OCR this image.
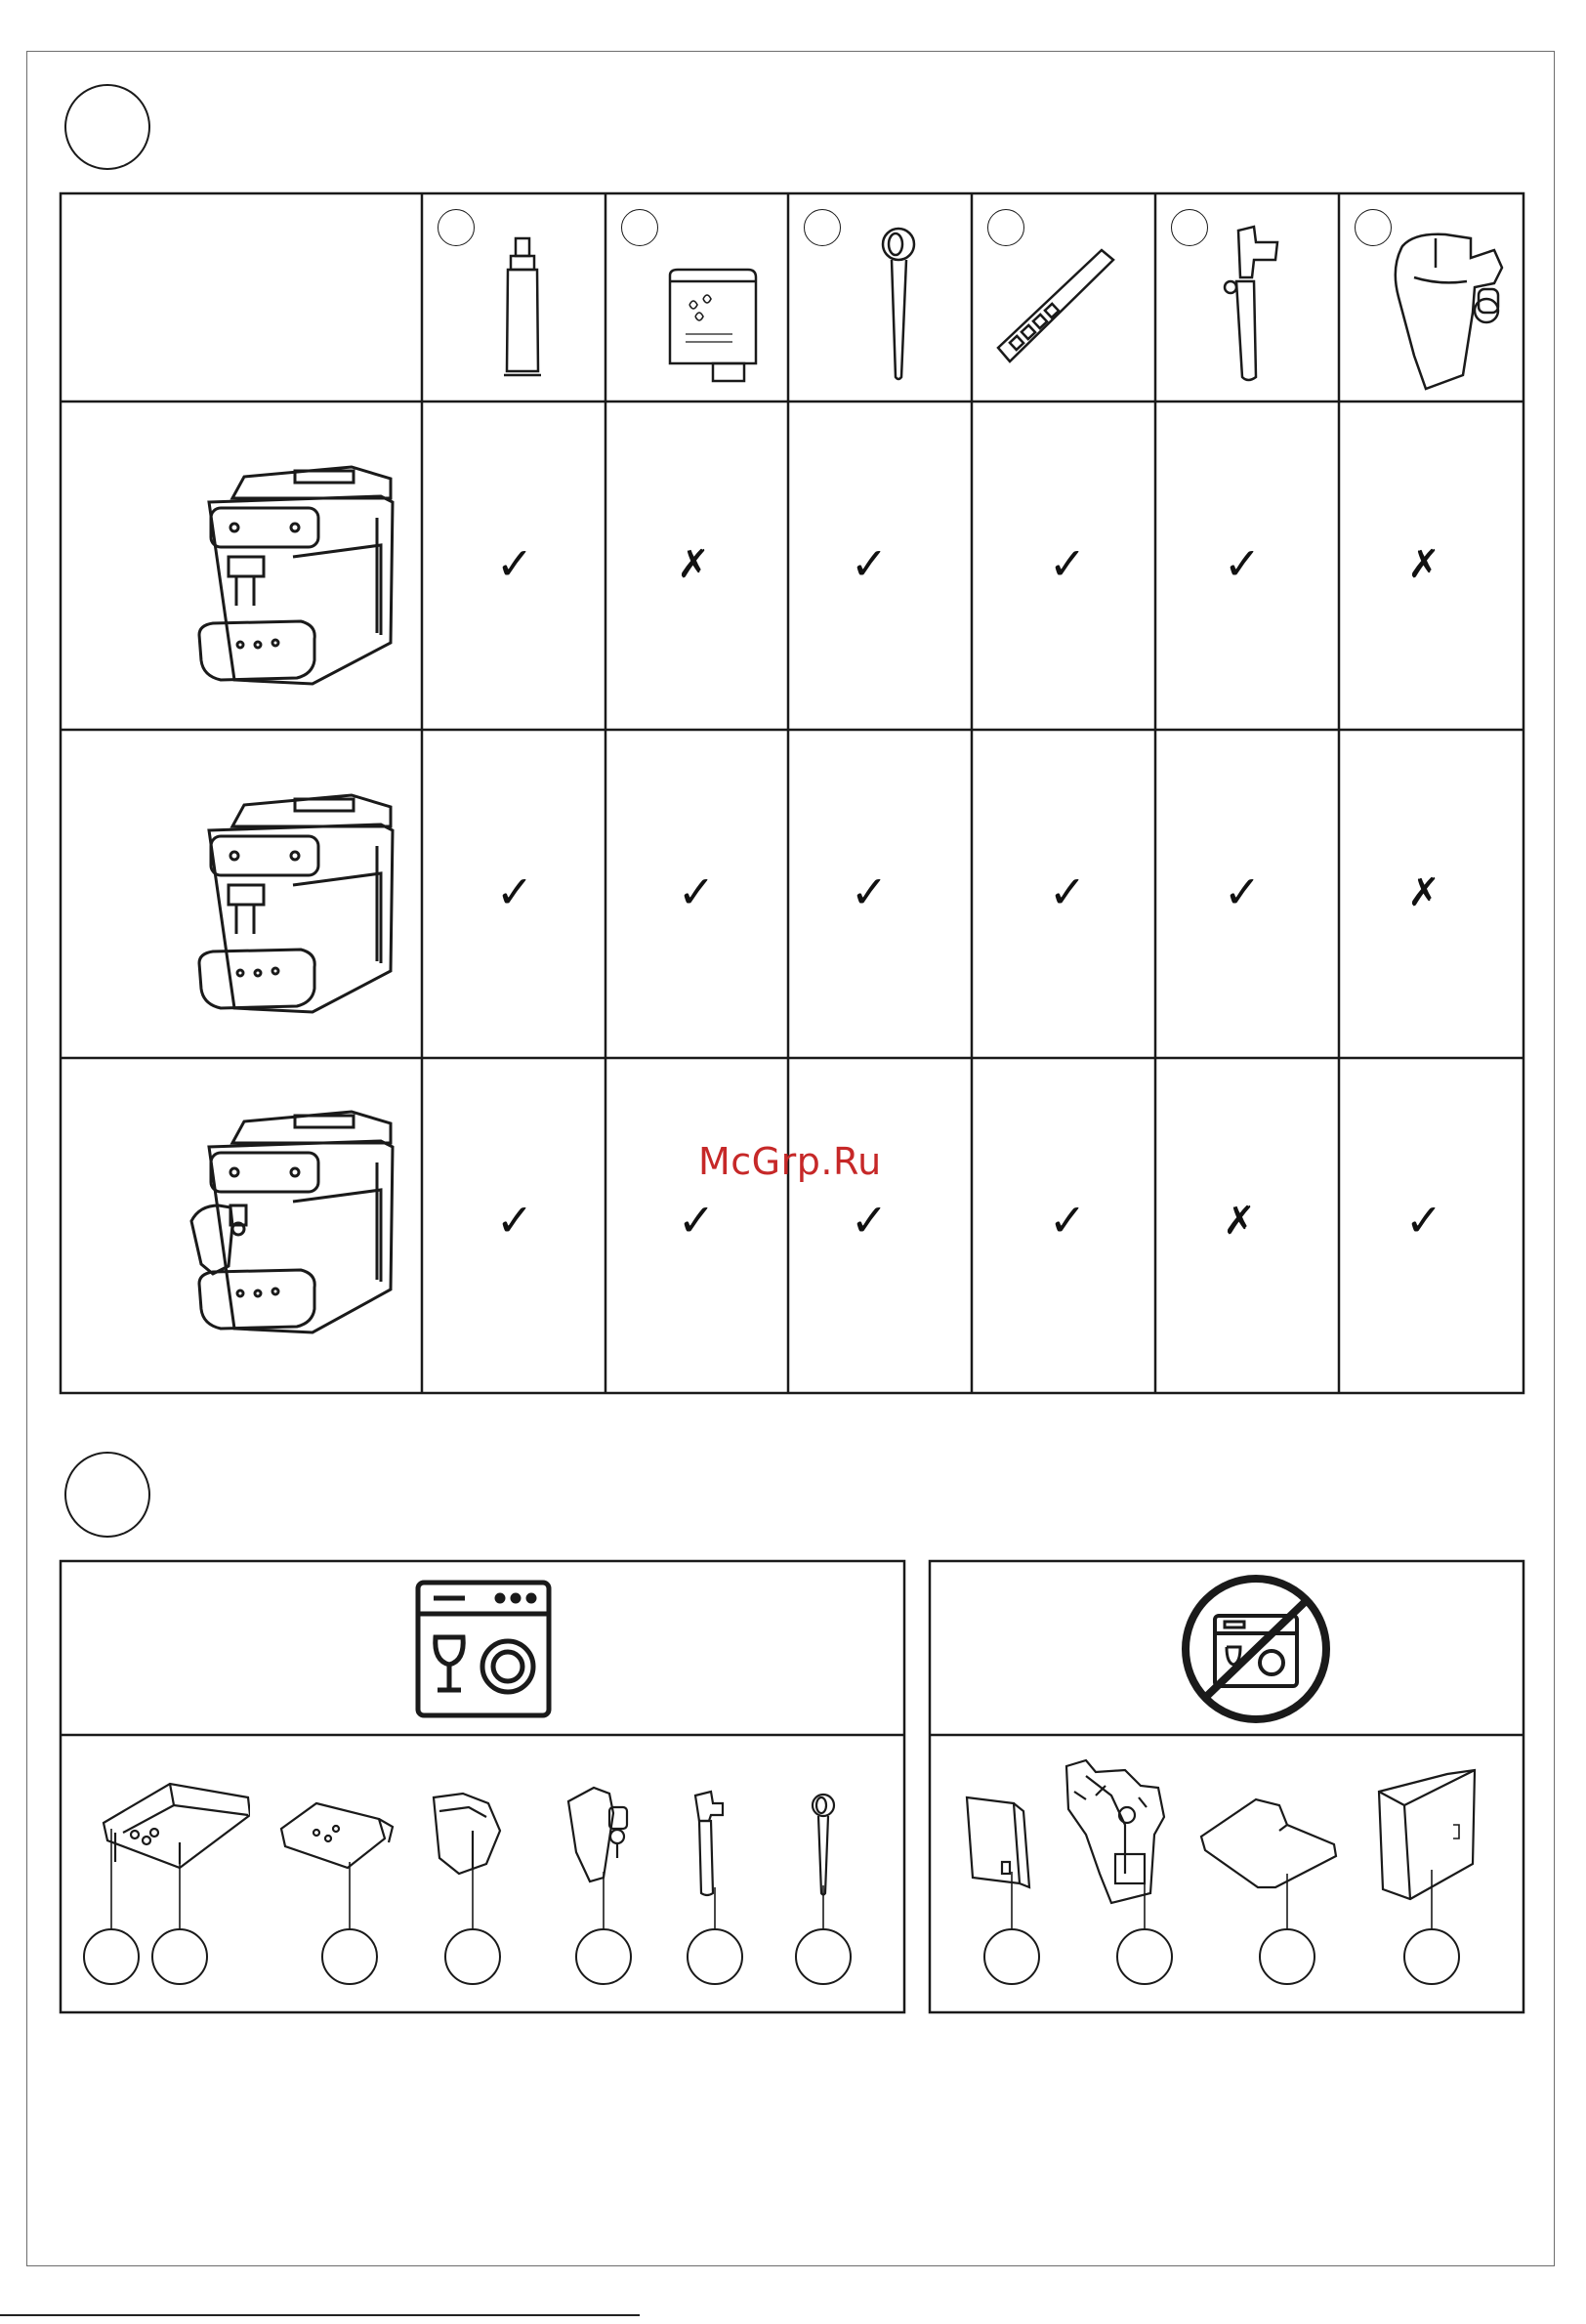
✓	✗	✓	✓	✓	✗
✓	✓	✓	✓	✓	✗
✓	✓	✓	✓	✗	✓
McGrp.Ru
